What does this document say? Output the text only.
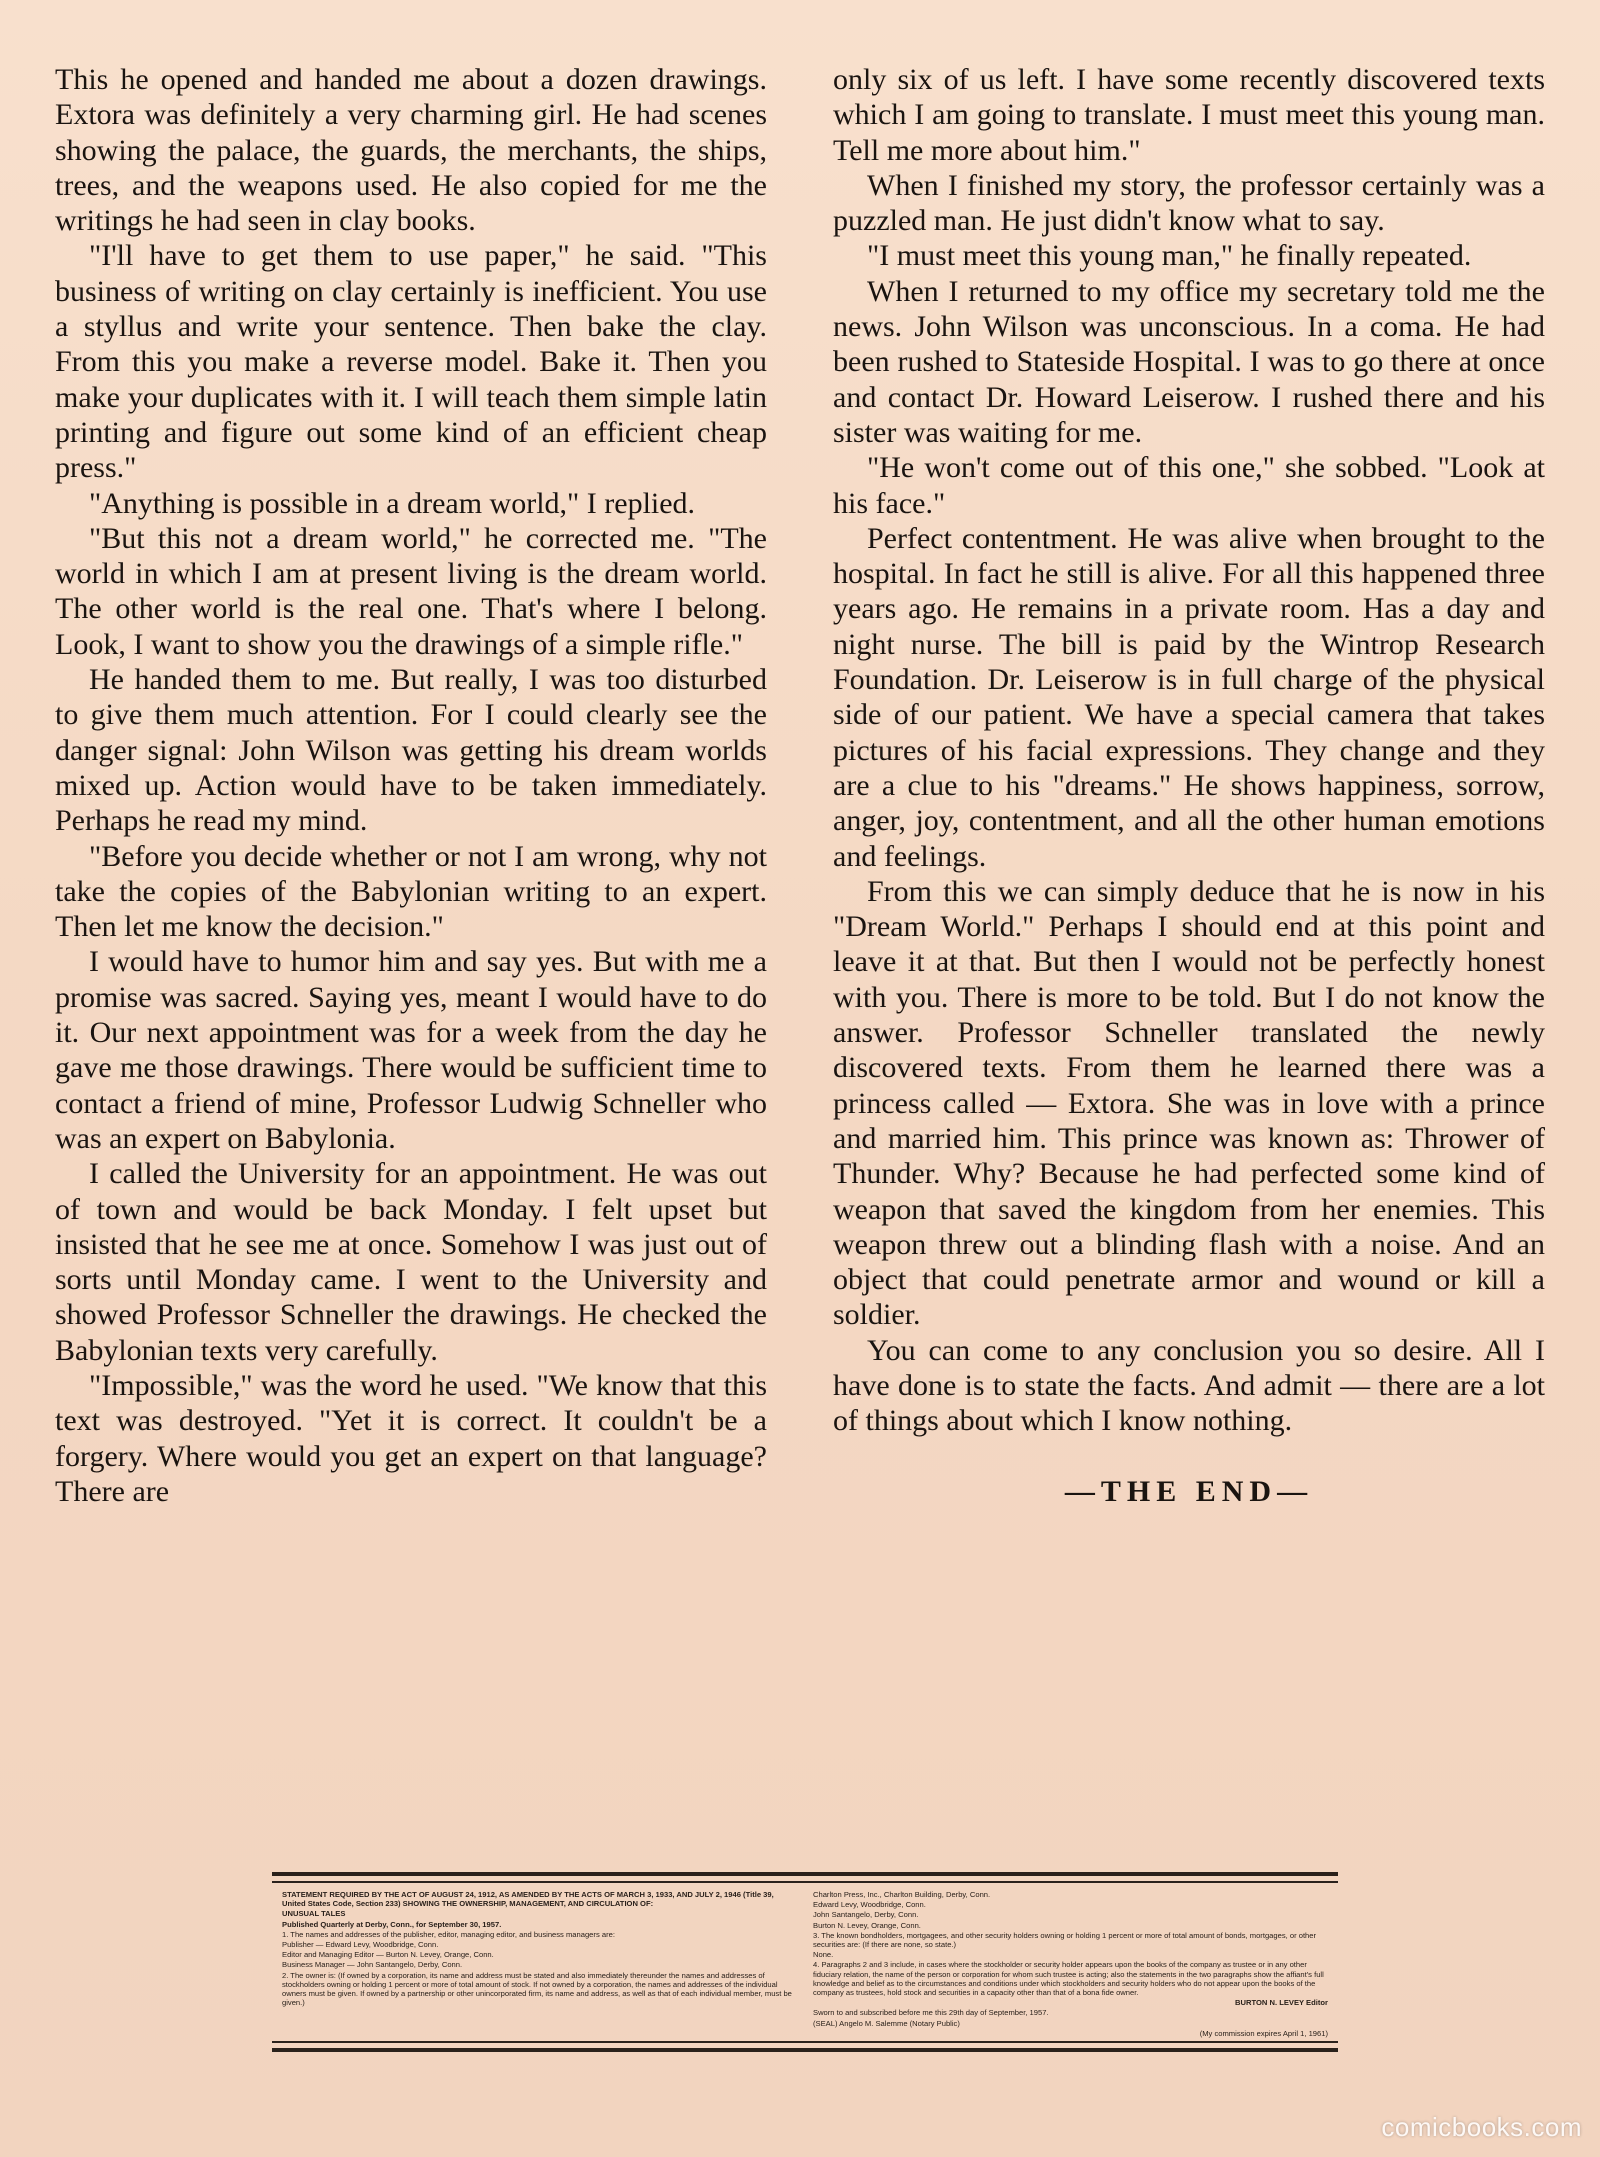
This he opened and handed me about a dozen drawings. Extora was definitely a very charming girl. He had scenes showing the palace, the guards, the merchants, the ships, trees, and the weapons used. He also copied for me the writings he had seen in clay books.

"I'll have to get them to use paper," he said. "This business of writing on clay certainly is inefficient. You use a styllus and write your sentence. Then bake the clay. From this you make a reverse model. Bake it. Then you make your duplicates with it. I will teach them simple latin printing and figure out some kind of an efficient cheap press."

"Anything is possible in a dream world," I replied.

"But this not a dream world," he corrected me. "The world in which I am at present living is the dream world. The other world is the real one. That's where I belong. Look, I want to show you the drawings of a simple rifle."

He handed them to me. But really, I was too disturbed to give them much attention. For I could clearly see the danger signal: John Wilson was getting his dream worlds mixed up. Action would have to be taken immediately. Perhaps he read my mind.

"Before you decide whether or not I am wrong, why not take the copies of the Babylonian writing to an expert. Then let me know the decision."

I would have to humor him and say yes. But with me a promise was sacred. Saying yes, meant I would have to do it. Our next appointment was for a week from the day he gave me those drawings. There would be sufficient time to contact a friend of mine, Professor Ludwig Schneller who was an expert on Babylonia.

I called the University for an appointment. He was out of town and would be back Monday. I felt upset but insisted that he see me at once. Somehow I was just out of sorts until Monday came. I went to the University and showed Professor Schneller the drawings. He checked the Babylonian texts very carefully.

"Impossible," was the word he used. "We know that this text was destroyed. "Yet it is correct. It couldn't be a forgery. Where would you get an expert on that language? There are

only six of us left. I have some recently discovered texts which I am going to translate. I must meet this young man. Tell me more about him."

When I finished my story, the professor certainly was a puzzled man. He just didn't know what to say.

"I must meet this young man," he finally repeated.

When I returned to my office my secretary told me the news. John Wilson was unconscious. In a coma. He had been rushed to Stateside Hospital. I was to go there at once and contact Dr. Howard Leiserow. I rushed there and his sister was waiting for me.

"He won't come out of this one," she sobbed. "Look at his face."

Perfect contentment. He was alive when brought to the hospital. In fact he still is alive. For all this happened three years ago. He remains in a private room. Has a day and night nurse. The bill is paid by the Wintrop Research Foundation. Dr. Leiserow is in full charge of the physical side of our patient. We have a special camera that takes pictures of his facial expressions. They change and they are a clue to his "dreams." He shows happiness, sorrow, anger, joy, contentment, and all the other human emotions and feelings.

From this we can simply deduce that he is now in his "Dream World." Perhaps I should end at this point and leave it at that. But then I would not be perfectly honest with you. There is more to be told. But I do not know the answer. Professor Schneller translated the newly discovered texts. From them he learned there was a princess called — Extora. She was in love with a prince and married him. This prince was known as: Thrower of Thunder. Why? Because he had perfected some kind of weapon that saved the kingdom from her enemies. This weapon threw out a blinding flash with a noise. And an object that could penetrate armor and wound or kill a soldier.

You can come to any conclusion you so desire. All I have done is to state the facts. And admit — there are a lot of things about which I know nothing.

—THE END—

STATEMENT REQUIRED BY THE ACT OF AUGUST 24, 1912, AS AMENDED BY THE ACTS OF MARCH 3, 1933, AND JULY 2, 1946 (Title 39, United States Code, Section 233) SHOWING THE OWNERSHIP, MANAGEMENT, AND CIRCULATION OF:

UNUSUAL TALES

Published Quarterly at Derby, Conn., for September 30, 1957.

1. The names and addresses of the publisher, editor, managing editor, and business managers are:

Publisher — Edward Levy, Woodbridge, Conn.

Editor and Managing Editor — Burton N. Levey, Orange, Conn.

Business Manager — John Santangelo, Derby, Conn.

2. The owner is: (If owned by a corporation, its name and address must be stated and also immediately thereunder the names and addresses of stockholders owning or holding 1 percent or more of total amount of stock. If not owned by a corporation, the names and addresses of the individual owners must be given. If owned by a partnership or other unincorporated firm, its name and address, as well as that of each individual member, must be given.)

Charlton Press, Inc., Charlton Building, Derby, Conn.

Edward Levy, Woodbridge, Conn.

John Santangelo, Derby, Conn.

Burton N. Levey, Orange, Conn.

3. The known bondholders, mortgagees, and other security holders owning or holding 1 percent or more of total amount of bonds, mortgages, or other securities are: (If there are none, so state.)

None.

4. Paragraphs 2 and 3 include, in cases where the stockholder or security holder appears upon the books of the company as trustee or in any other fiduciary relation, the name of the person or corporation for whom such trustee is acting; also the statements in the two paragraphs show the affiant's full knowledge and belief as to the circumstances and conditions under which stockholders and security holders who do not appear upon the books of the company as trustees, hold stock and securities in a capacity other than that of a bona fide owner.

BURTON N. LEVEY Editor

Sworn to and subscribed before me this 29th day of September, 1957.

(SEAL) Angelo M. Salemme (Notary Public)

(My commission expires April 1, 1961)

comicbooks.com
